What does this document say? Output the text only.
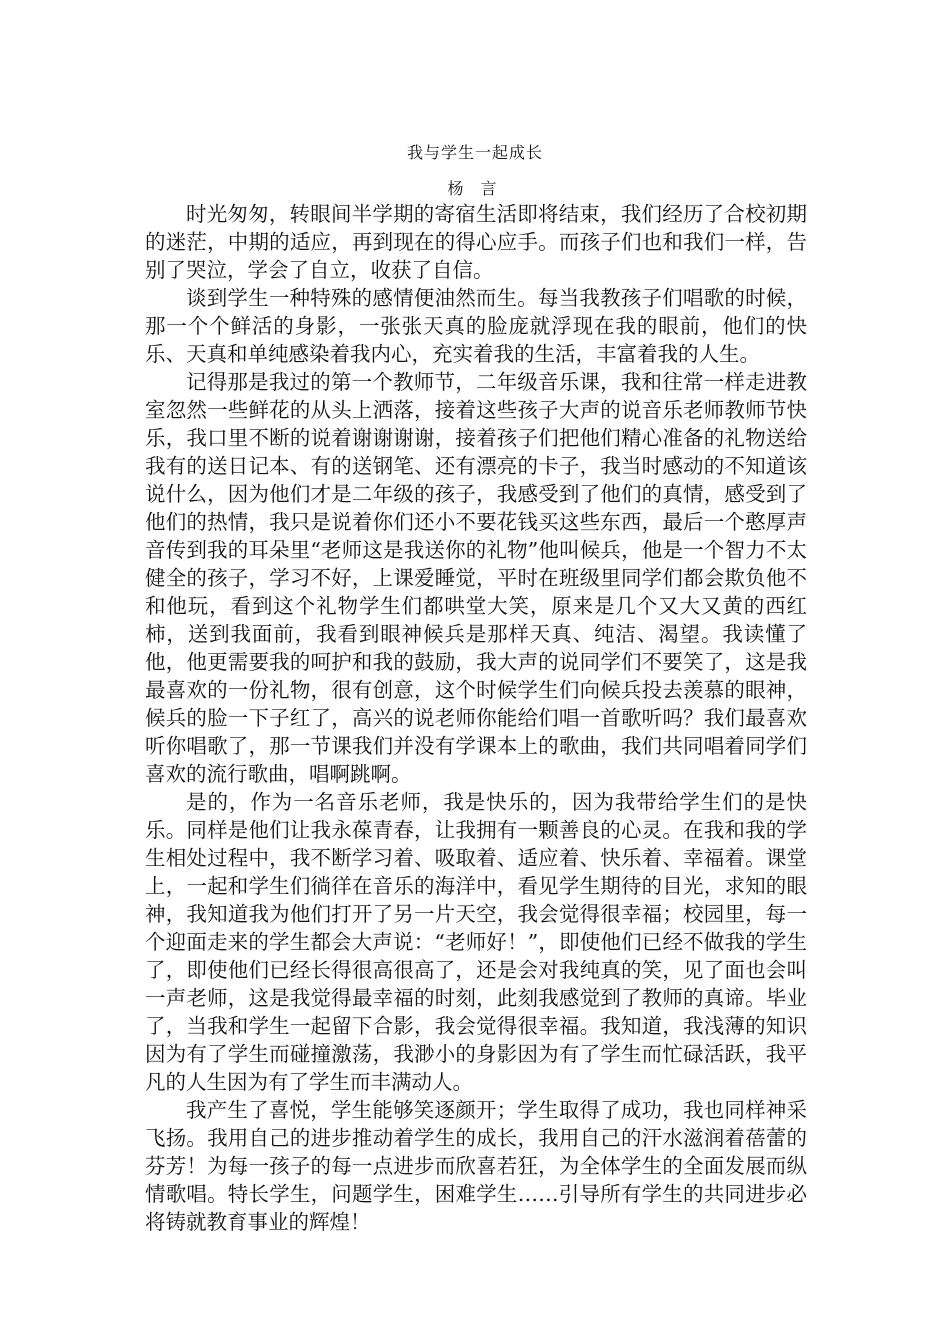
我与学生一起成长
杨 言

时光匆匆，转眼间半学期的寄宿生活即将结束，我们经历了合校初期的迷茫，中期的适应，再到现在的得心应手。而孩子们也和我们一样，告别了哭泣，学会了自立，收获了自信。

谈到学生一种特殊的感情便油然而生。每当我教孩子们唱歌的时候，那一个个鲜活的身影，一张张天真的脸庞就浮现在我的眼前，他们的快乐、天真和单纯感染着我内心，充实着我的生活，丰富着我的人生。

记得那是我过的第一个教师节，二年级音乐课，我和往常一样走进教室忽然一些鲜花的从头上洒落，接着这些孩子大声的说音乐老师教师节快乐，我口里不断的说着谢谢谢谢，接着孩子们把他们精心准备的礼物送给我有的送日记本、有的送钢笔、还有漂亮的卡子，我当时感动的不知道该说什么，因为他们才是二年级的孩子，我感受到了他们的真情，感受到了他们的热情，我只是说着你们还小不要花钱买这些东西，最后一个憨厚声音传到我的耳朵里“老师这是我送你的礼物”他叫候兵，他是一个智力不太健全的孩子，学习不好，上课爱睡觉，平时在班级里同学们都会欺负他不和他玩，看到这个礼物学生们都哄堂大笑，原来是几个又大又黄的西红柿，送到我面前，我看到眼神候兵是那样天真、纯洁、渴望。我读懂了他，他更需要我的呵护和我的鼓励，我大声的说同学们不要笑了，这是我最喜欢的一份礼物，很有创意，这个时候学生们向候兵投去羡慕的眼神，候兵的脸一下子红了，高兴的说老师你能给们唱一首歌听吗？我们最喜欢听你唱歌了，那一节课我们并没有学课本上的歌曲，我们共同唱着同学们喜欢的流行歌曲，唱啊跳啊。

是的，作为一名音乐老师，我是快乐的，因为我带给学生们的是快乐。同样是他们让我永葆青春，让我拥有一颗善良的心灵。在我和我的学生相处过程中，我不断学习着、吸取着、适应着、快乐着、幸福着。课堂上，一起和学生们徜徉在音乐的海洋中，看见学生期待的目光，求知的眼神，我知道我为他们打开了另一片天空，我会觉得很幸福；校园里，每一个迎面走来的学生都会大声说：“老师好！”，即使他们已经不做我的学生了，即使他们已经长得很高很高了，还是会对我纯真的笑，见了面也会叫一声老师，这是我觉得最幸福的时刻，此刻我感觉到了教师的真谛。毕业了，当我和学生一起留下合影，我会觉得很幸福。我知道，我浅薄的知识因为有了学生而碰撞激荡，我渺小的身影因为有了学生而忙碌活跃，我平凡的人生因为有了学生而丰满动人。

我产生了喜悦，学生能够笑逐颜开；学生取得了成功，我也同样神采飞扬。我用自己的进步推动着学生的成长，我用自己的汗水滋润着蓓蕾的芬芳！为每一孩子的每一点进步而欣喜若狂，为全体学生的全面发展而纵情歌唱。特长学生，问题学生，困难学生……引导所有学生的共同进步必将铸就教育事业的辉煌！
